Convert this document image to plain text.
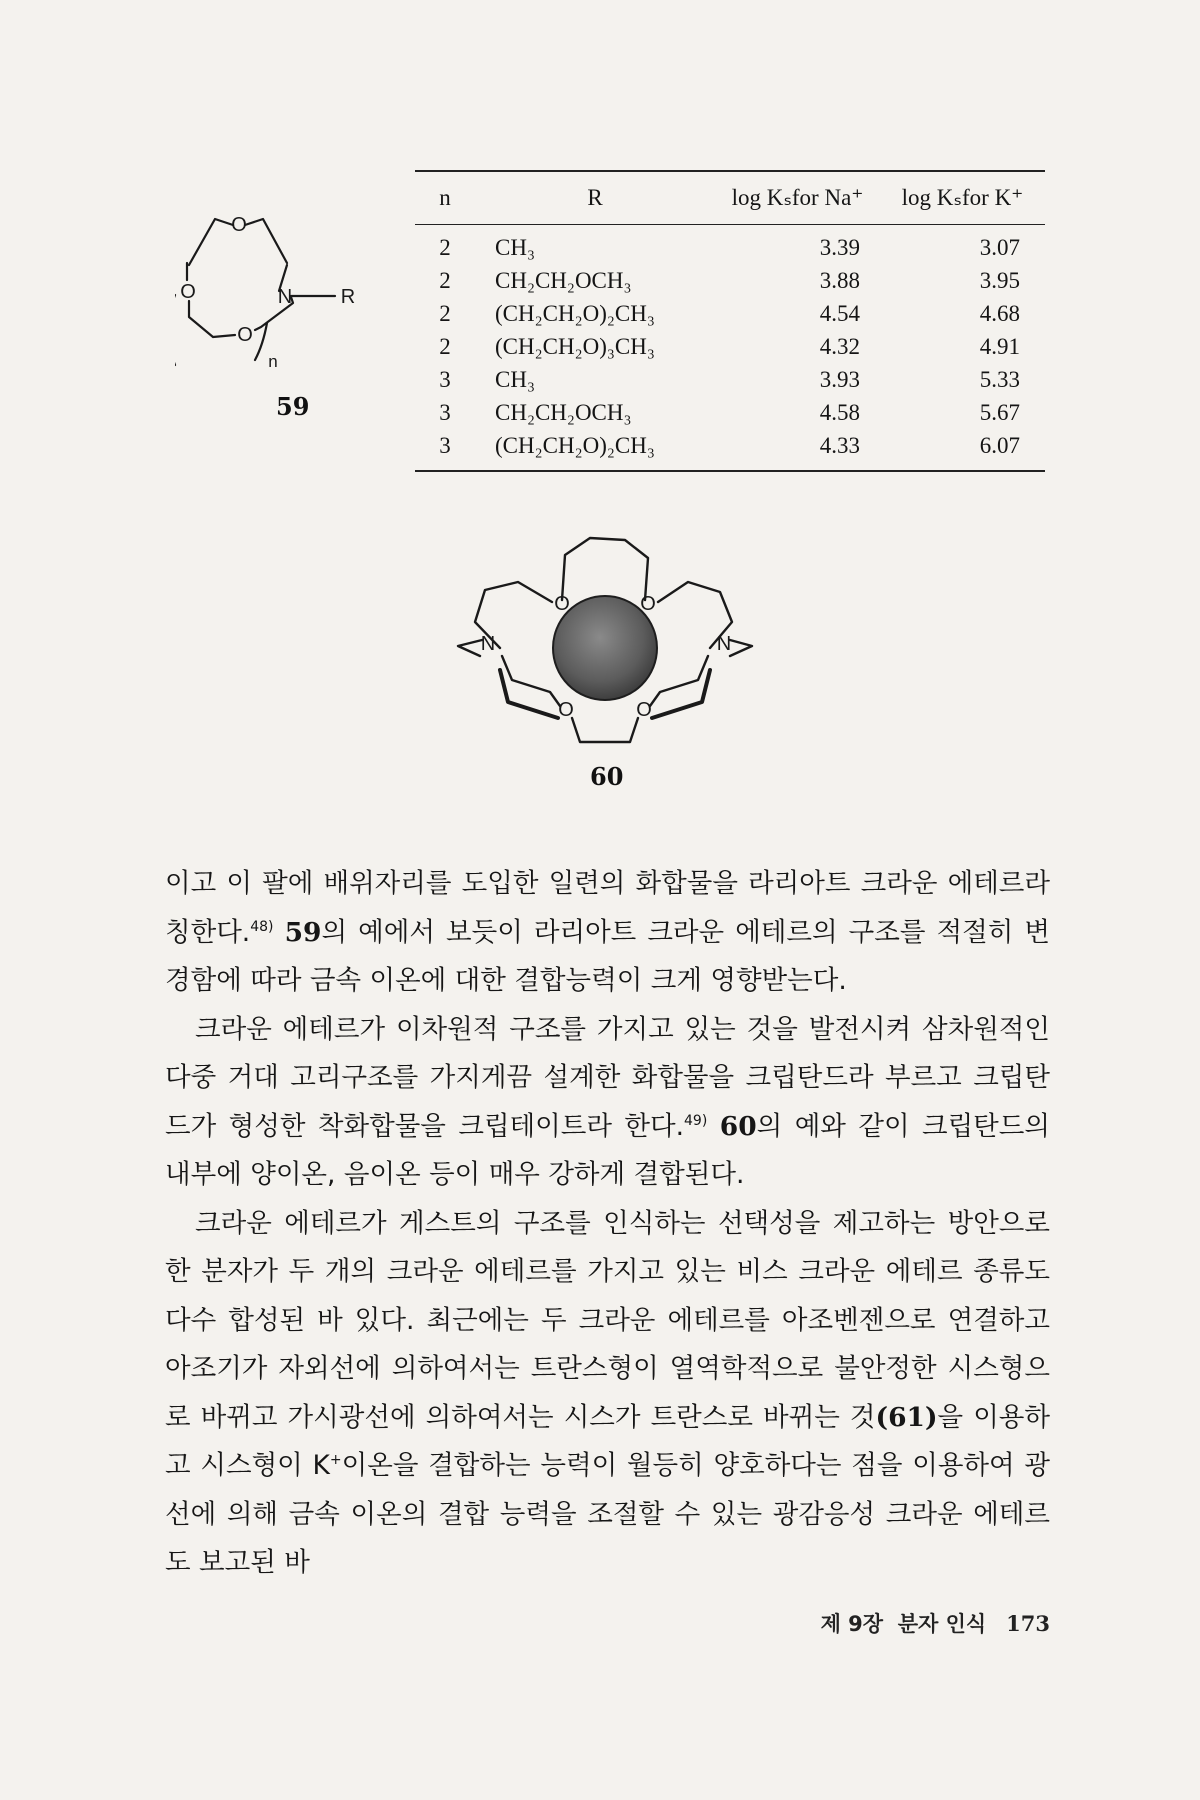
O
O	N R
O
n
59
n	R	log Kₛfor Na⁺	log Kₛfor K⁺
2	CH₃	3.39	3.07
2	CH₂CH₂OCH₃	3.88	3.95
2	(CH₂CH₂O)₂CH₃	4.54	4.68
2	(CH₂CH₂O)₃CH₃	4.32	4.91
3	CH₃	3.93	5.33
3	CH₂CH₂OCH₃	4.58	5.67
3	(CH₂CH₂O)₂CH₃	4.33	6.07
O	O
N	N
O	O
60

이고 이 팔에 배위자리를 도입한 일련의 화합물을 라리아트 크라운 에테르라 칭한다.$^{48)}$ 59의 예에서 보듯이 라리아트 크라운 에테르의 구조를 적절히 변경함에 따라 금속 이온에 대한 결합능력이 크게 영향받는다.

크라운 에테르가 이차원적 구조를 가지고 있는 것을 발전시켜 삼차원적인 다중 거대 고리구조를 가지게끔 설계한 화합물을 크립탄드라 부르고 크립탄드가 형성한 착화합물을 크립테이트라 한다.$^{49)}$ 60의 예와 같이 크립탄드의 내부에 양이온, 음이온 등이 매우 강하게 결합된다.

크라운 에테르가 게스트의 구조를 인식하는 선택성을 제고하는 방안으로 한 분자가 두 개의 크라운 에테르를 가지고 있는 비스 크라운 에테르 종류도 다수 합성된 바 있다. 최근에는 두 크라운 에테르를 아조벤젠으로 연결하고 아조기가 자외선에 의하여서는 트란스형이 열역학적으로 불안정한 시스형으로 바뀌고 가시광선에 의하여서는 시스가 트란스로 바뀌는 것(61)을 이용하고 시스형이 K+이온을 결합하는 능력이 월등히 양호하다는 점을 이용하여 광선에 의해 금속 이온의 결합 능력을 조절할 수 있는 광감응성 크라운 에테르도 보고된 바

제 9장  분자 인식 173
